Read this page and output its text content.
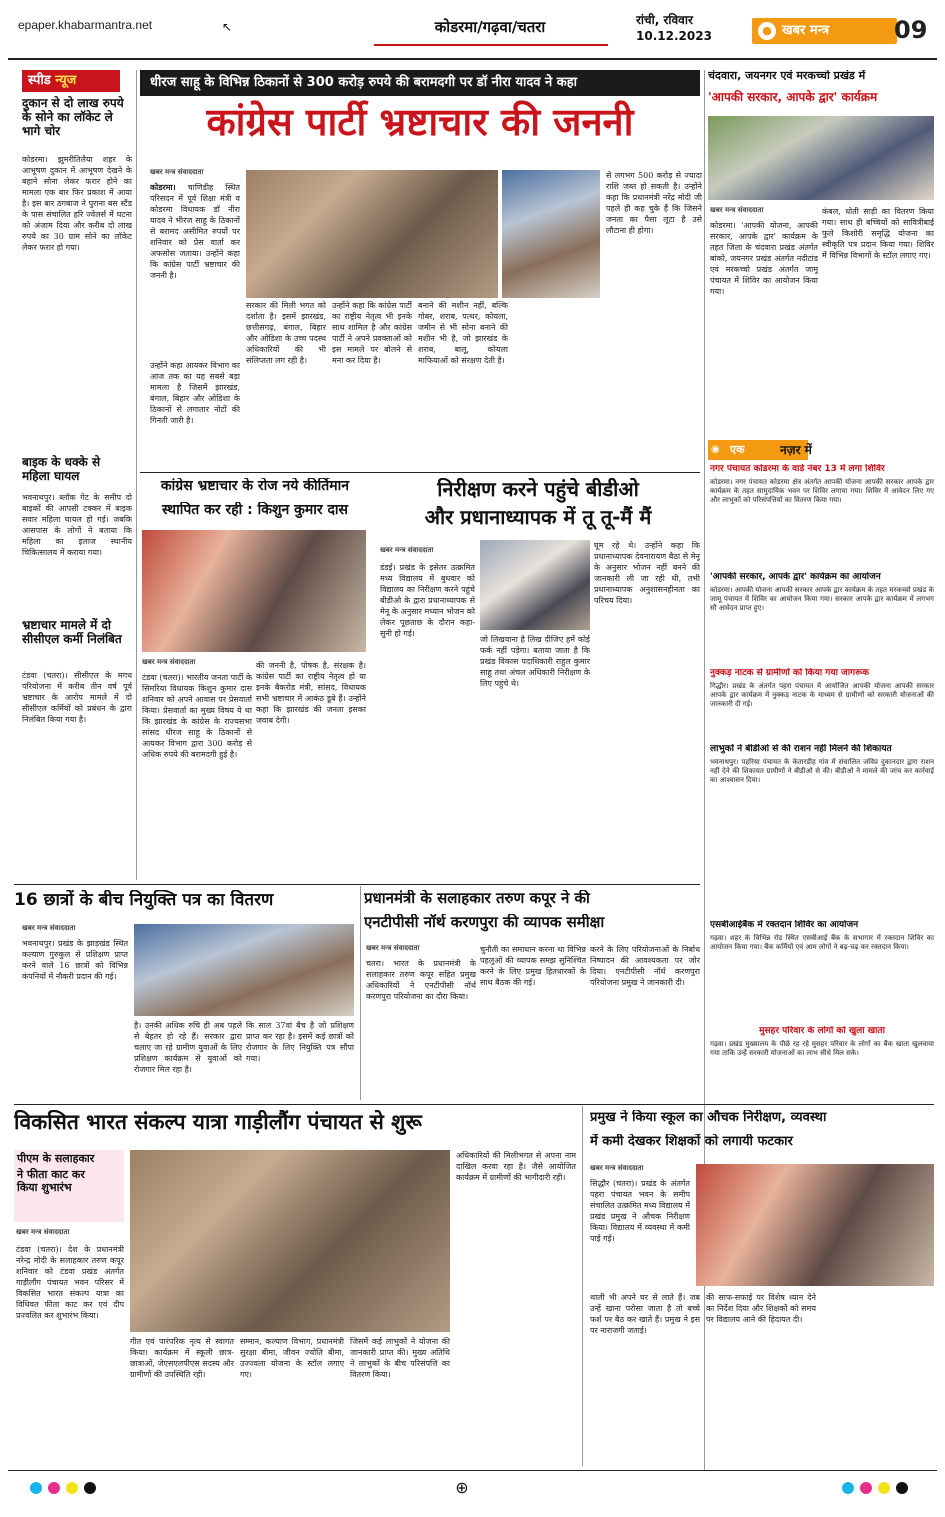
epaper.khabarmantra.net	↖	कोडरमा/गढ़वा/चतरा	रांची, रविवार
10.12.2023	खबर मन्त्र
●	09
स्पीड न्यूज
दुकान से दो लाख रुपये के सोने का लॉकेट ले भागे चोर
कोडरमा। झुमरीतिलैया शहर के आभूषण दुकान में आभूषण देखने के बहाने सोना लेकर फरार होने का मामला एक बार फिर प्रकाश में आया है। इस बार ठगबाज ने पुराना बस स्टैंड के पास संचालित हरि ज्वेलर्स में घटना को अंजाम दिया और करीब दो लाख रुपये का 30 ग्राम सोने का लॉकेट लेकर फरार हो गया।
बाइक के धक्के से महिला घायल
भवनाथपुर। ब्लॉक गेट के समीप दो बाइकों की आपसी टक्कर में बाइक सवार महिला घायल हो गई। जबकि आसपास के लोगों ने बताया कि महिला का इलाज स्थानीय चिकित्सालय में कराया गया।
भ्रष्टाचार मामले में दो सीसीएल कर्मी निलंबित
टंडवा (चतरा)। सीसीएल के मगध परियोजना में करीब तीन वर्ष पूर्व भ्रष्टाचार के आरोप मामले में दो सीसीएल कर्मियों को प्रबंधन के द्वारा निलंबित किया गया है।
धीरज साहू के विभिन्न ठिकानों से 300 करोड़ रुपये की बरामदगी पर डॉ नीरा यादव ने कहा
कांग्रेस पार्टी भ्रष्टाचार की जननी
खबर मन्त्र संवाददाता
कोडरमा। चाणिडीह स्थित परिसदन में पूर्व शिक्षा मंत्री व कोडरमा विधायक डॉ नीरा यादव ने भीरज साहू के ठिकानों से बरामद असीमित रुपयों पर शनिवार को प्रेस वार्ता कर अफसोस जताया। उन्होंने कहा कि कांग्रेस पार्टी भ्रष्टाचार की जननी है।
उन्होंने कहा आयकर विभाग का आज तक का यह सबसे बड़ा मामला है जिसमें झारखंड, बंगाल, बिहार और ओडिशा के ठिकानों से लगातार नोटों की गिनती जारी है।
सरकार की मिली भगत को दर्शाता है। इसमें झारखंड, छत्तीसगढ़, बंगाल, बिहार और ओडिशा के उच्च पदस्थ अधिकारियों की भी संलिप्तता लग रही है।
उन्होंने कहा कि कांग्रेस पार्टी का राष्ट्रीय नेतृत्व भी इनके साथ शामिल है और कांग्रेस पार्टी ने अपने प्रवक्ताओं को इस मामले पर बोलने से मना कर दिया है।
बनाने की मशीन नहीं, बल्कि गोबर, शराब, पत्थर, कोयला, जमीन से भी सोना बनाने की मशीन भी है, जो झारखंड के शराब, बालू, कोयला माफियाओं को संरक्षण देती है।
से लगभग 500 करोड़ से ज्यादा राशि जब्त हो सकती है। उन्होंने कहा कि प्रधानमंत्री नरेंद्र मोदी जी पहले ही कह चुके हैं कि जिसने जनता का पैसा लूटा है उसे लौटाना ही होगा।
कांग्रेस भ्रष्टाचार के रोज नये कीर्तिमान
स्थापित कर रही : किशुन कुमार दास
खबर मन्त्र संवाददाता
टंडवा (चतरा)। भारतीय जनता पार्टी के सिमरिया विधायक किशुन कुमार दास शनिवार को अपने आवास पर प्रेसवार्ता किया। प्रेसवार्ता का मुख्य विषय ये था कि झारखंड के कांग्रेस के राज्यसभा सांसद धीरज साहू के ठिकानों से आयकर विभाग द्वारा 300 करोड़ से अधिक रुपये की बरामदगी हुई है।
की जननी है, पोषक है, संरक्षक है। कांग्रेस पार्टी का राष्ट्रीय नेतृत्व हो या इनके बैकरोड मंत्री, सांसद, विधायक सभी भ्रष्टाचार में आकंठ डूबे हैं। उन्होंने कहा कि झारखंड की जनता इसका जवाब देगी।
निरीक्षण करने पहुंचे बीडीओ
और प्रधानाध्यापक में तू तू-मैं मैं
खबर मन्त्र संवाददाता
डंडई। प्रखंड के इसेतर उत्क्रमित मध्य विद्यालय में बुधवार को विद्यालय का निरीक्षण करने पहुंचे बीडीओ के द्वारा प्रधानाध्यापक से मेनू के अनुसार मध्यान भोजन को लेकर पूछताछ के दौरान कहा-सुनी हो गई।
जो लिखवाना है लिख दीजिए हमें कोई फर्क नहीं पड़ेगा। बताया जाता है कि प्रखंड विकास पदाधिकारी राहुल कुमार साहू तथा अंचल अधिकारी निरीक्षण के लिए पहुंचे थे।
घूम रहे थे। उन्होंने कहा कि प्रधानाध्यापक देवनारायण बैठा से मेनू के अनुसार भोजन नहीं बनने की जानकारी ली जा रही थी, तभी प्रधानाध्यापक अनुशासनहीनता का परिचय दिया।
चंदवारा, जयनगर एवं मरकच्चो प्रखंड में
'आपकी सरकार, आपके द्वार' कार्यक्रम
खबर मन्त्र संवाददाता
कोडरमा। 'आपकी योजना, आपकी सरकार, आपके द्वार' कार्यक्रम के तहत जिला के चंदवारा प्रखंड अंतर्गत बांको, जयनगर प्रखंड अंतर्गत नदीटांड एवं मरकच्चो प्रखंड अंतर्गत जामू पंचायत में शिविर का आयोजन किया गया।
कंबल, धोती साड़ी का वितरण किया गया। साथ ही बच्चियों को सावित्रीबाई फुले किशोरी समृद्धि योजना का स्वीकृति पत्र प्रदान किया गया। शिविर में विभिन्न विभागों के स्टॉल लगाए गए।
एक
◉	नज़र में
नगर पंचायत कोडरमा के वार्ड नंबर 13 में लगा शिविर
कोडरमा। नगर पंचायत कोडरमा क्षेत्र अंतर्गत आपकी योजना आपकी सरकार आपके द्वार कार्यक्रम के तहत सामुदायिक भवन पर शिविर लगाया गया। शिविर में आवेदन लिए गए और लाभुकों को परिसंपत्तियों का वितरण किया गया।
'आपकी सरकार, आपके द्वार' कार्यक्रम का आयोजन
कोडरमा। आपकी योजना आपकी सरकार आपके द्वार कार्यक्रम के तहत मरकच्चो प्रखंड के जामू पंचायत में शिविर का आयोजन किया गया। सरकार आपके द्वार कार्यक्रम में लगभग सौ आवेदन प्राप्त हुए।
नुक्कड़ नाटक से ग्रामीणों को किया गया जागरूक
गिद्धौर। प्रखंड के अंतर्गत पहरा पंचायत में आयोजित आपकी योजना आपकी सरकार आपके द्वार कार्यक्रम में नुक्कड़ नाटक के माध्यम से ग्रामीणों को सरकारी योजनाओं की जानकारी दी गई।
लाभुकों ने बीडीओ से की राशन नहीं मिलने की शिकायत
भवनाथपुर। पहरिया पंचायत के केतारडीह गांव में संचालित जविप्र दुकानदार द्वारा राशन नहीं देने की शिकायत ग्रामीणों ने बीडीओ से की। बीडीओ ने मामले की जांच कर कार्रवाई का आश्वासन दिया।
एसबीआईबैंक में रक्तदान शिविर का आयोजन
गढ़वा। शहर के विभिन्न रोड स्थित एसबीआई बैंक के सभागार में रक्तदान शिविर का आयोजन किया गया। बैंक कर्मियों एवं आम लोगों ने बढ़-चढ़ कर रक्तदान किया।
मुसहर परिवार के लोगों को खुला खाता
गढ़वा। प्रखंड मुख्यालय के पीछे रह रहे मुसहर परिवार के लोगों का बैंक खाता खुलवाया गया ताकि उन्हें सरकारी योजनाओं का लाभ सीधे मिल सके।
16 छात्रों के बीच नियुक्ति पत्र का वितरण
खबर मन्त्र संवाददाता
भवनाथपुर। प्रखंड के झाड़खंड स्थित कल्याण गुरुकुल से प्रशिक्षण प्राप्त करने वाले 16 छात्रों को विभिन्न कंपनियों में नौकरी प्रदान की गई।
है। उनकी अधिक रुचि ही अब पहले से बेहतर हो रहे हैं। सरकार द्वारा चलाए जा रहे ग्रामीण युवाओं के लिए प्रशिक्षण कार्यक्रम से युवाओं को रोजगार मिल रहा है।
कि साल 37वां बैच है जो प्रशिक्षण प्राप्त कर रहा है। इसमें कई छात्रों को रोजगार के लिए नियुक्ति पत्र सौंपा गया।
प्रधानमंत्री के सलाहकार तरुण कपूर ने की
एनटीपीसी नॉर्थ करणपुरा की व्यापक समीक्षा
खबर मन्त्र संवाददाता
चतरा। भारत के प्रधानमंत्री के सलाहकार तरुण कपूर सहित प्रमुख अधिकारियों ने एनटीपीसी नॉर्थ करणपुरा परियोजना का दौरा किया।
चुनौती का समाधान करना था विभिन्न पहलुओं की व्यापक समझ सुनिश्चित करने के लिए प्रमुख हितधारकों के साथ बैठक की गई।
करने के लिए परियोजनाओं के निर्बाध निष्पादन की आवश्यकता पर जोर दिया। एनटीपीसी नॉर्थ करणपुरा परियोजना प्रमुख ने जानकारी दी।
विकसित भारत संकल्प यात्रा गाड़ीलौंग पंचायत से शुरू
पीएम के सलाहकार
ने फीता काट कर
किया शुभारंभ
खबर मन्त्र संवाददाता
टंडवा (चतरा)। देश के प्रधानमंत्री नरेन्द्र मोदी के सलाहकार तरुण कपूर शनिवार को टंडवा प्रखंड अंतर्गत गाड़ीलौंग पंचायत भवन परिसर में विकसित भारत संकल्प यात्रा का विधिवत फीता काट कर एवं दीप प्रज्वलित कर शुभारंभ किया।
गीत एवं पारंपरिक नृत्य से स्वागत किया। कार्यक्रम में स्कूली छात्र-छात्राओं, जेएसएलपीएस सदस्य और ग्रामीणों की उपस्थिति रही।
सम्मान, कल्याण विभाग, प्रधानमंत्री सुरक्षा बीमा, जीवन ज्योति बीमा, उज्ज्वला योजना के स्टॉल लगाए गए।
जिसमें कई लाभुकों ने योजना की जानकारी प्राप्त की। मुख्य अतिथि ने लाभुकों के बीच परिसंपत्ति का वितरण किया।
अधिकारियों की मिलीभगत से अपना नाम दाखिल करवा रहा है। जैसे आयोजित कार्यक्रम में ग्रामीणों की भागीदारी रही।
प्रमुख ने किया स्कूल का औचक निरीक्षण, व्यवस्था
में कमी देखकर शिक्षकों को लगायी फटकार
खबर मन्त्र संवाददाता
सिद्धौर (चतरा)। प्रखंड के अंतर्गत पहरा पंचायत भवन के समीप संचालित उत्क्रमित मध्य विद्यालय में प्रखंड प्रमुख ने औचक निरीक्षण किया। विद्यालय में व्यवस्था में कमी पाई गई।
थाली भी अपने घर से लाते हैं। जब उन्हें खाना परोसा जाता है तो बच्चे फर्श पर बैठ कर खाते हैं। प्रमुख ने इस पर नाराजगी जताई।
की साफ-सफाई पर विशेष ध्यान देने का निर्देश दिया और शिक्षकों को समय पर विद्यालय आने की हिदायत दी।
⊕
